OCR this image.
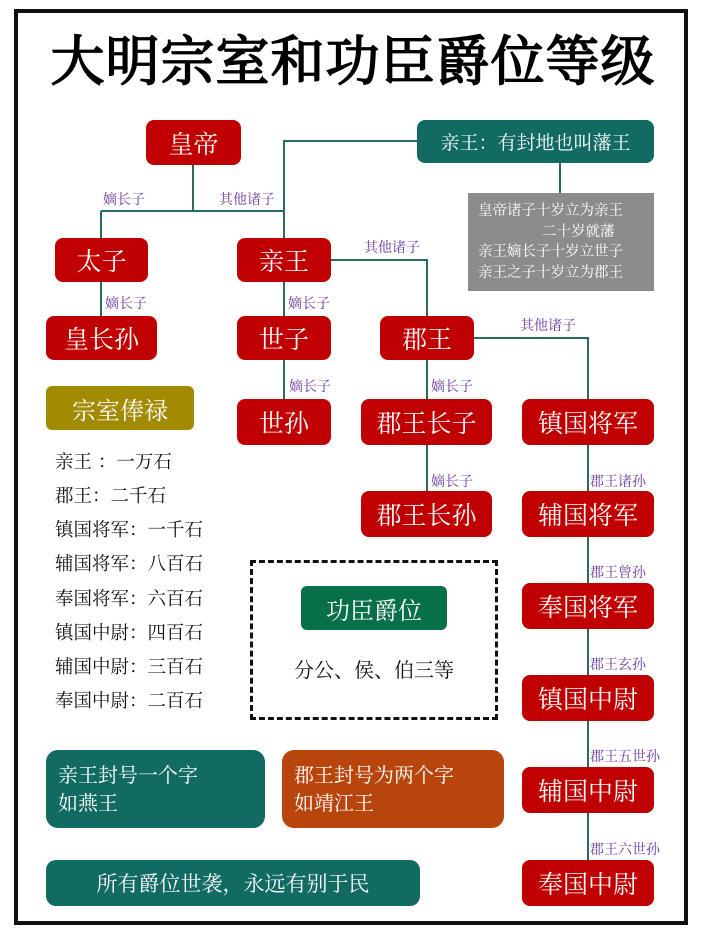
大明宗室和功臣爵位等级
皇帝	亲王：有封地也叫藩王
皇帝诸子十岁立为亲王
二十岁就藩
亲王嫡长子十岁立世子
亲王之子十岁立为郡王
太子	亲王
皇长孙	世子	郡王
世孙	郡王长子	镇国将军
郡王长孙	辅国将军
奉国将军
镇国中尉
辅国中尉
奉国中尉
嫡长子	其他诸子
其他诸子
嫡长子	嫡长子
其他诸子
嫡长子	嫡长子
嫡长子	郡王诸孙
郡王曾孙
郡王玄孙
郡王五世孙
郡王六世孙
宗室俸禄
亲王 ：一万石
郡王：二千石
镇国将军：一千石
辅国将军：八百石
奉国将军：六百石
镇国中尉：四百石
辅国中尉：三百石
奉国中尉：二百石
功臣爵位
分公、侯、伯三等
亲王封号一个字
如燕王
郡王封号为两个字
如靖江王
所有爵位世袭，永远有别于民
